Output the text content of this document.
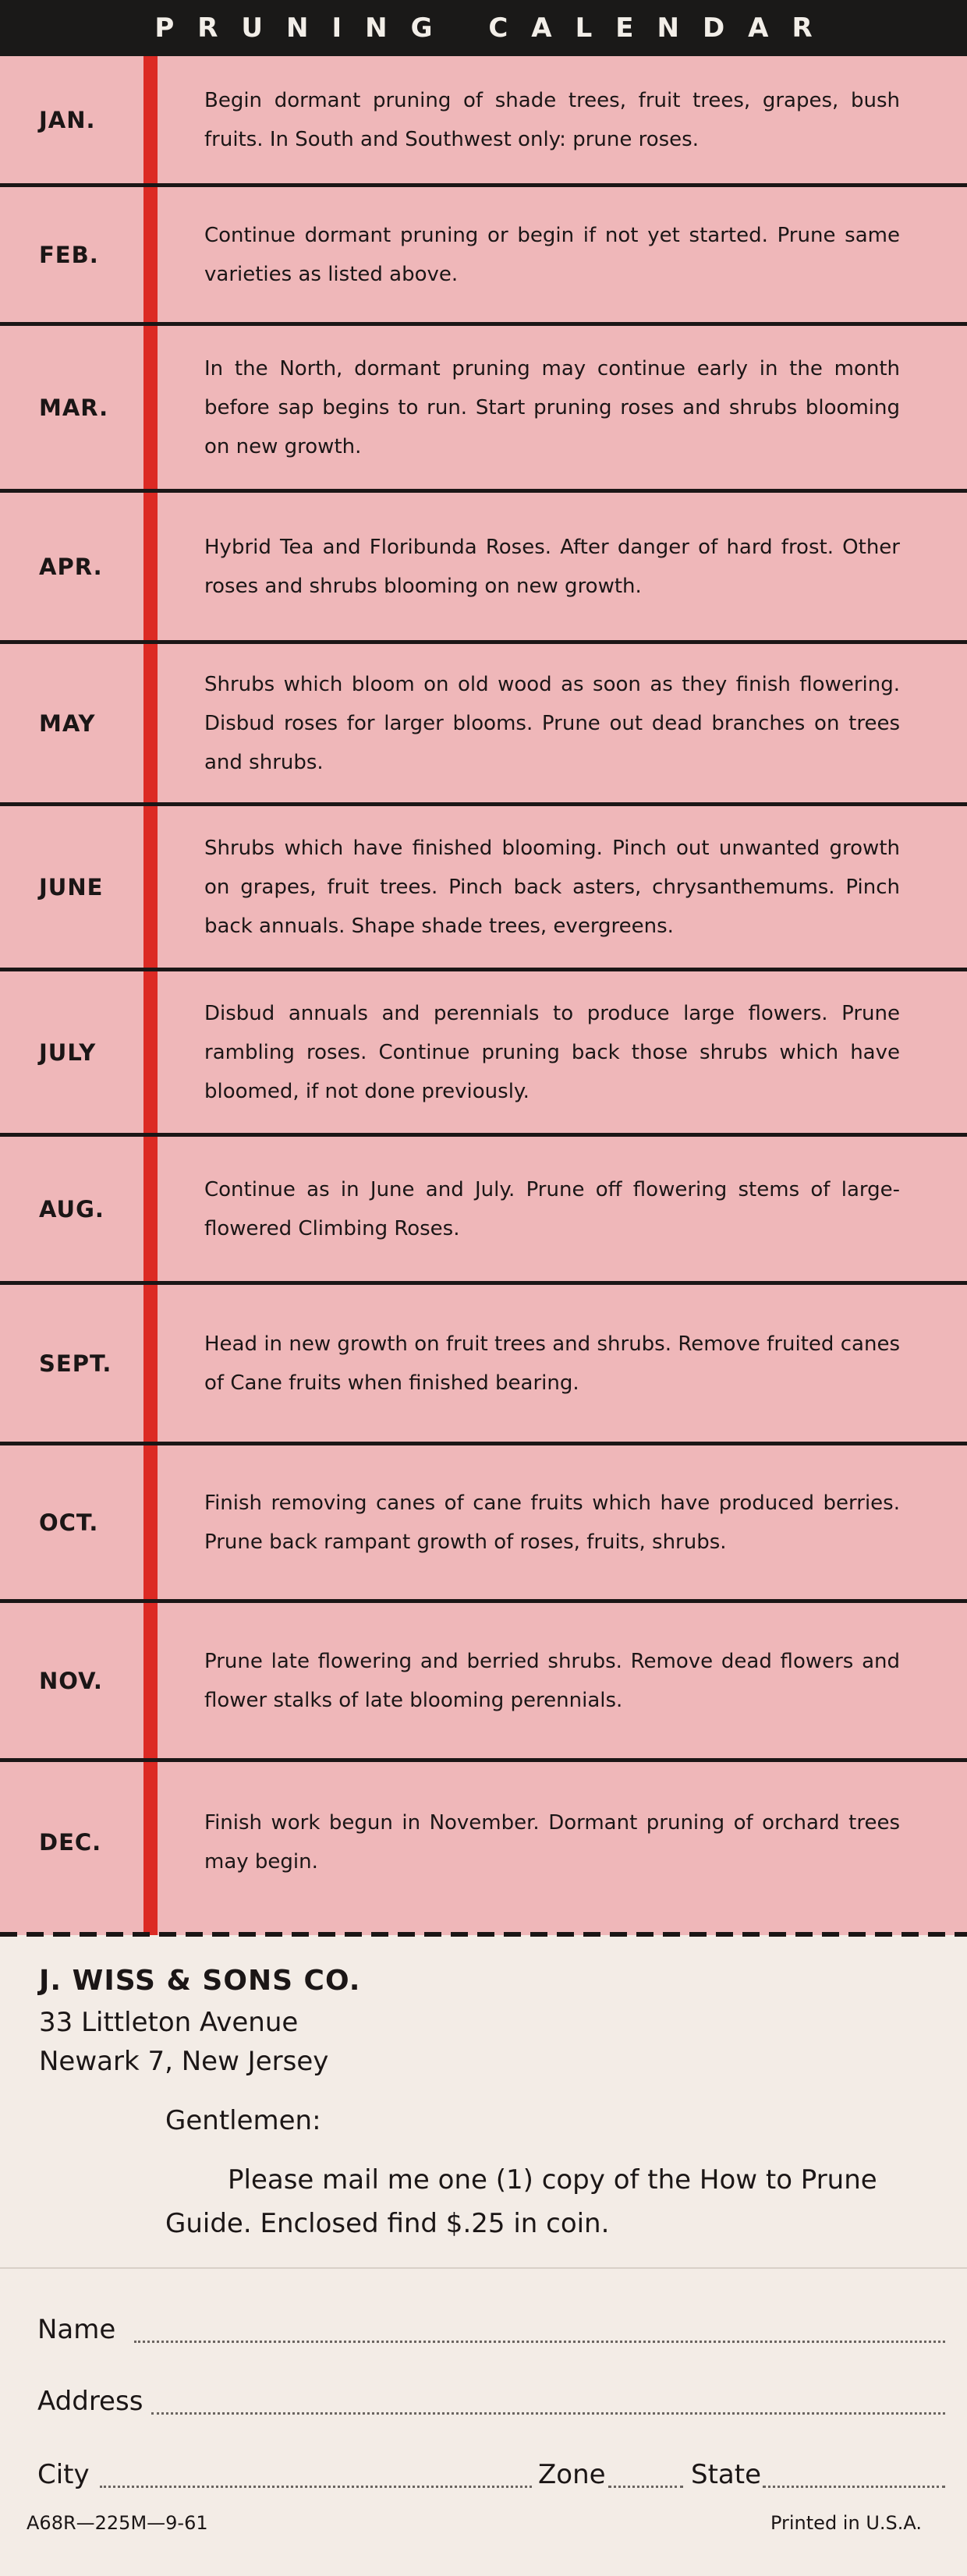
PRUNING CALENDAR
JAN.
Begin dormant pruning of shade trees, fruit trees, grapes, bush fruits. In South and Southwest only: prune roses.
FEB.
Continue dormant pruning or begin if not yet started. Prune same varieties as listed above.
MAR.
In the North, dormant pruning may continue early in the month before sap begins to run. Start pruning roses and shrubs blooming on new growth.
APR.
Hybrid Tea and Floribunda Roses. After danger of hard frost. Other roses and shrubs blooming on new growth.
MAY
Shrubs which bloom on old wood as soon as they finish flowering. Disbud roses for larger blooms. Prune out dead branches on trees and shrubs.
JUNE
Shrubs which have finished blooming. Pinch out unwanted growth on grapes, fruit trees. Pinch back asters, chrysanthemums. Pinch back annuals. Shape shade trees, evergreens.
JULY
Disbud annuals and perennials to produce large flowers. Prune rambling roses. Continue pruning back those shrubs which have bloomed, if not done previously.
AUG.
Continue as in June and July. Prune off flowering stems of large-flowered Climbing Roses.
SEPT.
Head in new growth on fruit trees and shrubs. Remove fruited canes of Cane fruits when finished bearing.
OCT.
Finish removing canes of cane fruits which have produced berries. Prune back rampant growth of roses, fruits, shrubs.
NOV.
Prune late flowering and berried shrubs. Remove dead flowers and flower stalks of late blooming perennials.
DEC.
Finish work begun in November. Dormant pruning of orchard trees may begin.
J. WISS & SONS CO.
33 Littleton Avenue
Newark 7, New Jersey
Gentlemen:
Please mail me one (1) copy of the How to Prune Guide. Enclosed find $.25 in coin.
Name
Address
City	Zone	State
A68R—225M—9-61	Printed in U.S.A.
